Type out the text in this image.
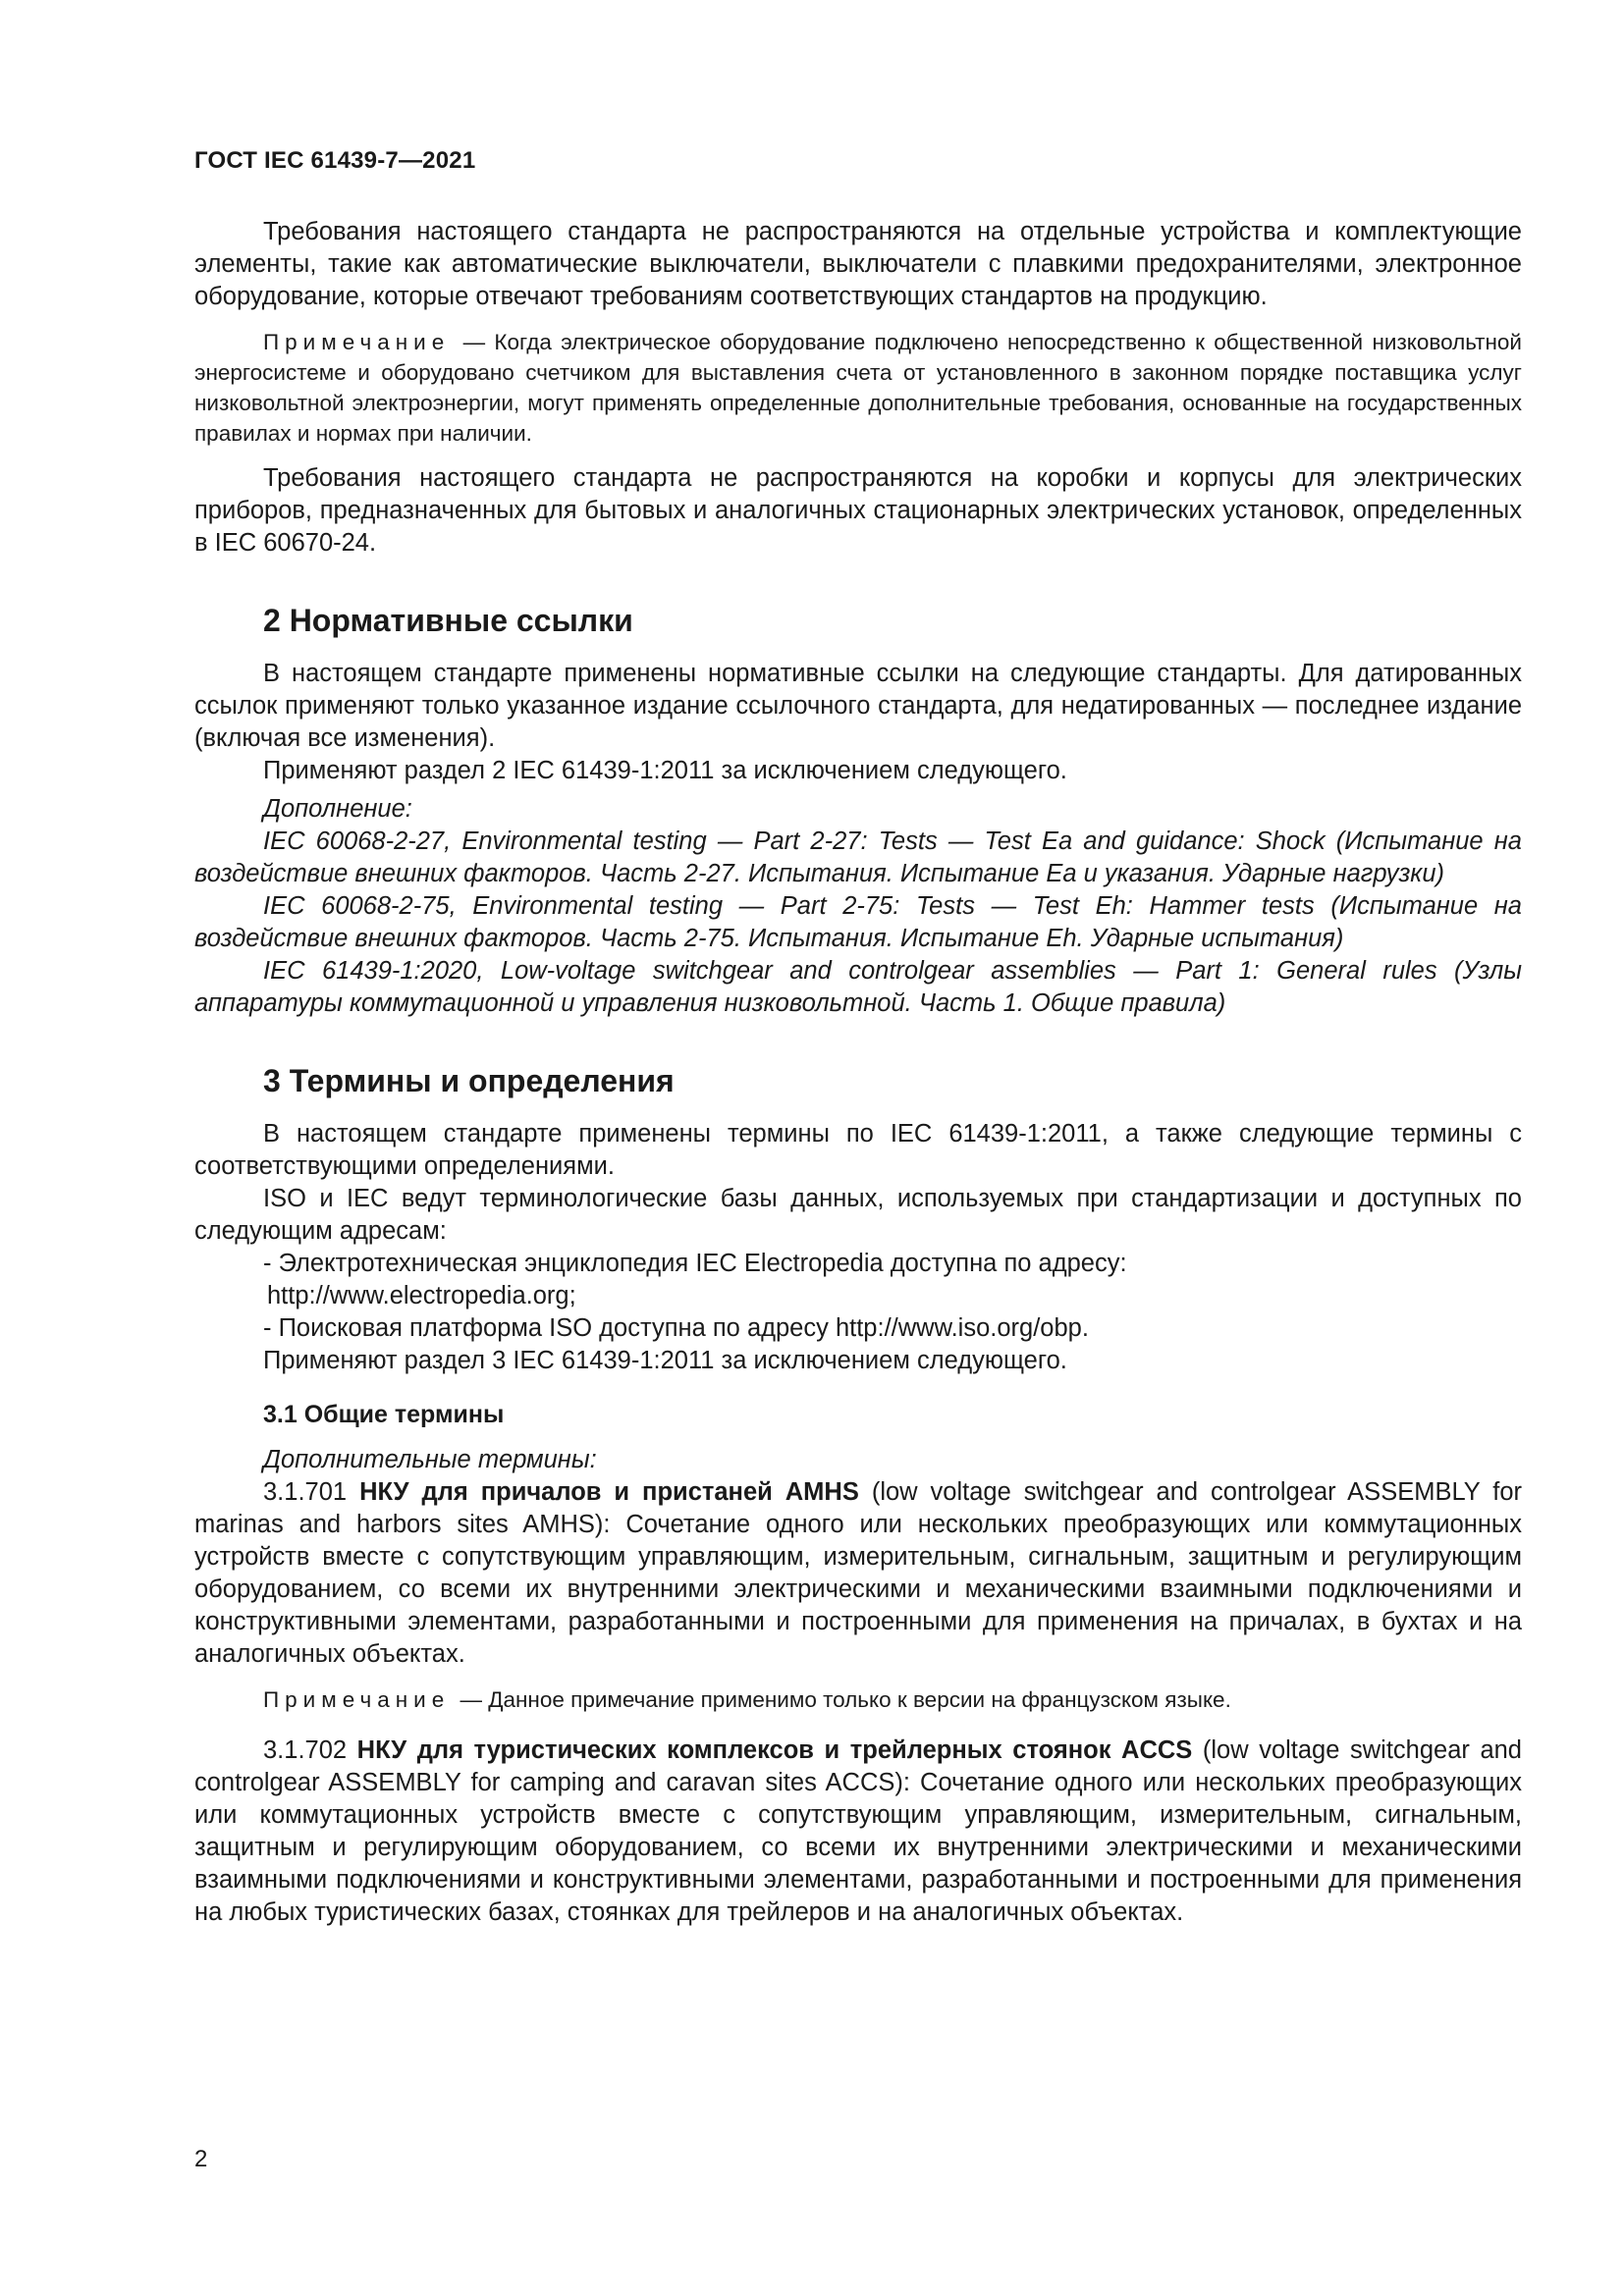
ГОСТ IEC 61439-7—2021

Требования настоящего стандарта не распространяются на отдельные устройства и комплектующие элементы, такие как автоматические выключатели, выключатели с плавкими предохранителями, электронное оборудование, которые отвечают требованиям соответствующих стандартов на продукцию.

Примечание — Когда электрическое оборудование подключено непосредственно к общественной низковольтной энергосистеме и оборудовано счетчиком для выставления счета от установленного в законном порядке поставщика услуг низковольтной электроэнергии, могут применять определенные дополнительные требования, основанные на государственных правилах и нормах при наличии.

Требования настоящего стандарта не распространяются на коробки и корпусы для электрических приборов, предназначенных для бытовых и аналогичных стационарных электрических установок, определенных в IEC 60670-24.

2 Нормативные ссылки

В настоящем стандарте применены нормативные ссылки на следующие стандарты. Для датированных ссылок применяют только указанное издание ссылочного стандарта, для недатированных — последнее издание (включая все изменения).

Применяют раздел 2 IEC 61439-1:2011 за исключением следующего.

Дополнение:

IEC 60068-2-27, Environmental testing — Part 2-27: Tests — Test Ea and guidance: Shock (Испытание на воздействие внешних факторов. Часть 2-27. Испытания. Испытание Еа и указания. Ударные нагрузки)

IEC 60068-2-75, Environmental testing — Part 2-75: Tests — Test Eh: Hammer tests (Испытание на воздействие внешних факторов. Часть 2-75. Испытания. Испытание Eh. Ударные испытания)

IEC 61439-1:2020, Low-voltage switchgear and controlgear assemblies — Part 1: General rules (Узлы аппаратуры коммутационной и управления низковольтной. Часть 1. Общие правила)

3 Термины и определения

В настоящем стандарте применены термины по IEC 61439-1:2011, а также следующие термины с соответствующими определениями.

ISO и IEC ведут терминологические базы данных, используемых при стандартизации и доступных по следующим адресам:

- Электротехническая энциклопедия IEC Electropedia доступна по адресу:

http://www.electropedia.org;

- Поисковая платформа ISO доступна по адресу http://www.iso.org/obp.

Применяют раздел 3 IEC 61439-1:2011 за исключением следующего.

3.1 Общие термины

Дополнительные термины:

3.1.701 НКУ для причалов и пристаней AMHS (low voltage switchgear and controlgear ASSEMBLY for marinas and harbors sites AMHS): Сочетание одного или нескольких преобразующих или коммутационных устройств вместе с сопутствующим управляющим, измерительным, сигнальным, защитным и регулирующим оборудованием, со всеми их внутренними электрическими и механическими взаимными подключениями и конструктивными элементами, разработанными и построенными для применения на причалах, в бухтах и на аналогичных объектах.

Примечание — Данное примечание применимо только к версии на французском языке.

3.1.702 НКУ для туристических комплексов и трейлерных стоянок ACCS (low voltage switchgear and controlgear ASSEMBLY for camping and caravan sites ACCS): Сочетание одного или нескольких преобразующих или коммутационных устройств вместе с сопутствующим управляющим, измерительным, сигнальным, защитным и регулирующим оборудованием, со всеми их внутренними электрическими и механическими взаимными подключениями и конструктивными элементами, разработанными и построенными для применения на любых туристических базах, стоянках для трейлеров и на аналогичных объектах.

2
